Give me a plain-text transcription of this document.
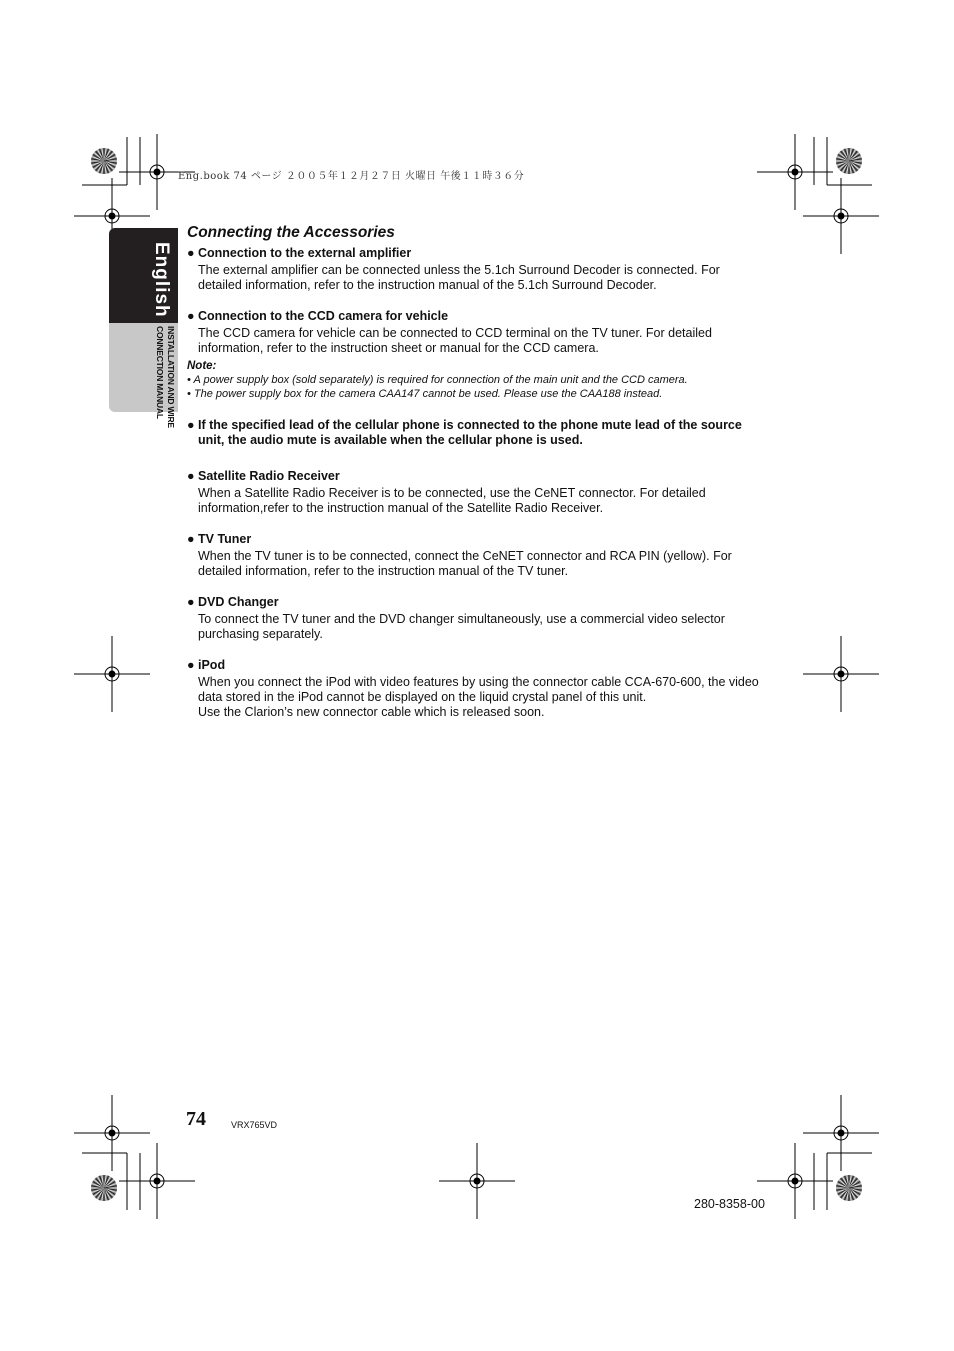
Eng.book 74 ページ ２００５年１２月２７日 火曜日 午後１１時３６分
English
INSTALLATION AND WIRE
CONNECTION MANUAL
Connecting the Accessories
● Connection to the external amplifier
The external amplifier can be connected unless the 5.1ch Surround Decoder is connected. For
detailed information, refer to the instruction manual of the 5.1ch Surround Decoder.
● Connection to the CCD camera for vehicle
The CCD camera for vehicle can be connected to CCD terminal on the TV tuner. For detailed
information, refer to the instruction sheet or manual for the CCD camera.
Note:
• A power supply box (sold separately) is required for connection of the main unit and the CCD camera.
• The power supply box for the camera CAA147 cannot be used. Please use the CAA188 instead.
● If the specified lead of the cellular phone is connected to the phone mute lead of the source
unit, the audio mute is available when the cellular phone is used.
● Satellite Radio Receiver
When a Satellite Radio Receiver is to be connected, use the CeNET connector. For detailed
information,refer to the instruction manual of the Satellite Radio Receiver.
● TV Tuner
When the TV tuner is to be connected, connect the CeNET connector and RCA PIN (yellow). For
detailed information, refer to the instruction manual of the TV tuner.
● DVD Changer
To connect the TV tuner and the DVD changer simultaneously, use a commercial video selector
purchasing separately.
● iPod
When you connect the iPod with video features by using the connector cable CCA-670-600, the video
data stored in the iPod cannot be displayed on the liquid crystal panel of this unit.
Use the Clarion’s new connector cable which is released soon.
74	VRX765VD
280-8358-00
